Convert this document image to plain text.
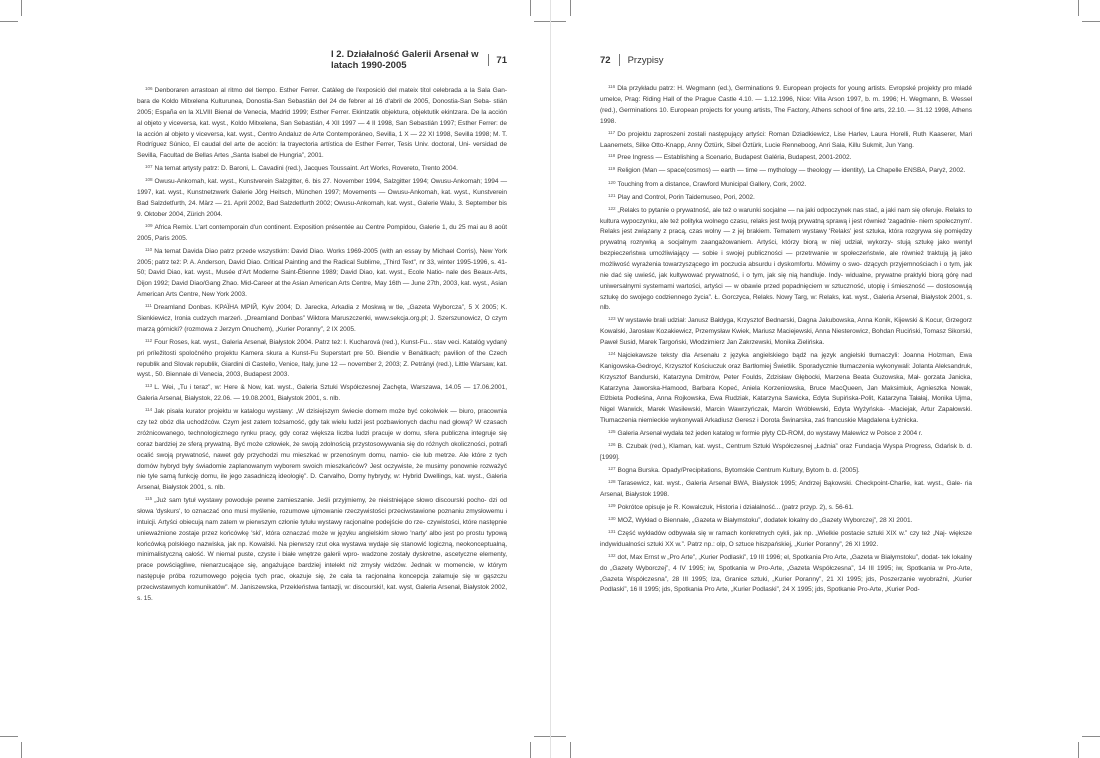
I 2. Działalność Galerii Arsenał w latach 1990-2005	71	72 Przypisy

$^{106}$ Denboraren arrastoan al ritmo del tiempo. Esther Ferrer. Catàleg de l'exposició del mateix títol celebrada a la Sala Gan- bara de Koldo Mitxelena Kulturunea, Donostia-San Sebastián del 24 de febrer al 16 d'abril de 2005, Donostia-San Seba- stián 2005; España en la XLVIII Bienal de Venecia, Madrid 1999; Esther Ferrer. Ekintzatik objektura, objektutik ekintzara. De la acción al objeto y viceversa, kat. wyst., Koldo Mitxelena, San Sebastián, 4 XII 1997 — 4 II 1998, San Sebastián 1997; Esther Ferrer: de la acción al objeto y viceversa, kat. wyst., Centro Andaluz de Arte Contemporáneo, Sevilla, 1 X — 22 XI 1998, Sevilla 1998; M. T. Rodríguez Súnico, El caudal del arte de acción: la trayectoria artística de Esther Ferrer, Tesis Univ. doctoral, Uni- versidad de Sevilla, Facultad de Bellas Artes „Santa Isabel de Hungria”, 2001.

$^{107}$ Na temat artysty patrz: D. Baroni, L. Cavadini (red.), Jacques Toussaint. Art Works, Rovereto, Trento 2004.

$^{108}$ Owusu-Ankomah, kat. wyst., Kunstverein Salzgitter, 6. bis 27. November 1994, Salzgitter 1994; Owusu-Ankomah; 1994 — 1997, kat. wyst., Kunstnetzwerk Galerie Jörg Heitsch, München 1997; Movements — Owusu-Ankomah, kat. wyst., Kunstverein Bad Salzdetfurth, 24. März — 21. April 2002, Bad Salzdetfurth 2002; Owusu-Ankomah, kat. wyst., Galerie Walu, 3. September bis 9. Oktober 2004, Zürich 2004.

$^{109}$ Africa Remix. L'art contemporain d'un continent. Exposition présentée au Centre Pompidou, Galerie 1, du 25 mai au 8 août 2005, Paris 2005.

$^{110}$ Na temat Davida Diao patrz przede wszystkim: David Diao. Works 1969-2005 (with an essay by Michael Corris), New York 2005; patrz też: P. A. Anderson, David Diao. Critical Painting and the Radical Sublime, „Third Text”, nr 33, winter 1995-1996, s. 41-50; David Diao, kat. wyst., Musée d'Art Moderne Saint-Étienne 1989; David Diao, kat. wyst., Ecole Natio- nale des Beaux-Arts, Dijon 1992; David Diao/Gang Zhao. Mid-Career at the Asian American Arts Centre, May 16th — June 27th, 2003, kat. wyst., Asian American Arts Centre, New York 2003.

$^{111}$ Dreamland Donbas. KPAÏHA MPIЙ, Kyiv 2004; D. Jarecka, Arkadia z Moskwą w tle, „Gazeta Wyborcza”, 5 X 2005; K. Sienkiewicz, Ironia cudzych marzeń. „Dreamland Donbas” Wiktora Maruszczenki, www.sekcja.org.pl; J. Szerszunowicz, O czym marzą górnicki? (rozmowa z Jerzym Onuchem), „Kurier Poranny”, 2 IX 2005.

$^{112}$ Four Roses, kat. wyst., Galeria Arsenał, Białystok 2004. Patrz też: I. Kucharová (red.), Kunst-Fu... stav veci. Katalóg vydaný pri príležitosti spoločného projektu Kamera skura a Kunst-Fu Superstart pre 50. Biendie v Benátkach; pavilion of the Czech republik and Slovak republik, Giardini di Castello, Venice, Italy, june 12 — november 2, 2003; Z. Petrányi (red.), Little Warsaw, kat. wyst., 50. Biennale di Venecia, 2003, Budapest 2003.

$^{113}$ L. Wei, „Tu i teraz”, w: Here & Now, kat. wyst., Galeria Sztuki Współczesnej Zachęta, Warszawa, 14.05 — 17.06.2001, Galeria Arsenał, Białystok, 22.06. — 19.08.2001, Białystok 2001, s. nlb.

$^{114}$ Jak pisała kurator projektu w katalogu wystawy: „W dzisiejszym świecie domem może być cokolwiek — biuro, pracownia czy też obóz dla uchodźców. Czym jest zatem tożsamość, gdy tak wielu ludzi jest pozbawionych dachu nad głową? W czasach zróżnicowanego, technologicznego rynku pracy, gdy coraz większa liczba ludzi pracuje w domu, sfera publiczna integruje się coraz bardziej ze sferą prywatną. Być może człowiek, że swoją zdolnością przystosowywania się do różnych okoliczności, potrafi ocalić swoją prywatność, nawet gdy przychodzi mu mieszkać w przenośnym domu, namio- cie lub metrze. Ale które z tych domów hybryd były świadomie zaplanowanym wyborem swoich mieszkańców? Jest oczywiste, że musimy ponownie rozważyć nie tyle samą funkcję domu, ile jego zasadniczą ideologię”. D. Carvalho, Domy hybrydy, w: Hybrid Dwellings, kat. wyst., Galeria Arsenał, Białystok 2001, s. nlb.

$^{115}$ „Już sam tytuł wystawy powoduje pewne zamieszanie. Jeśli przyjmiemy, że nieistniejące słowo discourski pocho- dzi od słowa 'dyskurs', to oznaczać ono musi myślenie, rozumowe ujmowanie rzeczywistości przeciwstawione poznaniu zmysłowemu i intuicji. Artyści obiecują nam zatem w pierwszym członie tytułu wystawy racjonalne podejście do rze- czywistości, które następnie unieważnione zostaje przez końcówkę 'ski', która oznaczać może w języku angielskim słowo 'narty' albo jest po prostu typową końcówką polskiego nazwiska, jak np. Kowalski. Na pierwszy rzut oka wystawa wydaje się stanowić logiczną, neokonceptualną, minimalistyczną całość. W niemal puste, czyste i białe wnętrze galerii wpro- wadzone zostały dyskretne, ascetyczne elementy, prace powściągliwe, nienarzucające się, angażujące bardziej intelekt niż zmysły widzów. Jednak w momencie, w którym następuje próba rozumowego pojęcia tych prac, okazuje się, że cała ta racjonalna koncepcja załamuje się w gąszczu przeciwstawnych komunikatów”. M. Janiszewska, Przekleństwa fantazji, w: discourski!, kat. wyst, Galeria Arsenał, Białystok 2002, s. 15.

$^{116}$ Dla przykładu patrz: H. Wegmann (ed.), Germinations 9. European projects for young artists. Evropské projekty pro mladé umelce, Prag: Riding Hall of the Prague Castle 4.10. — 1.12.1996, Nice: Villa Arson 1997, b. m. 1996; H. Wegmann, B. Wessel (red.), Germinations 10. European projects for young artists, The Factory, Athens school of fine arts, 22.10. — 31.12 1998, Athens 1998.

$^{117}$ Do projektu zaproszeni zostali następujący artyści: Roman Dziadkiewicz, Lise Harlev, Laura Horelli, Ruth Kaaserer, Mari Laanemets, Silke Otto-Knapp, Anny Öztürk, Sibel Öztürk, Lucie Renneboog, Anri Sala, Killu Sukmit, Jun Yang.

$^{118}$ Pree Ingress — Establishing a Scenario, Budapest Galéria, Budapest, 2001-2002.

$^{119}$ Religion (Man — space(cosmos) — earth — time — mythology — theology — identity), La Chapelle ENSBA, Paryż, 2002.

$^{120}$ Touching from a distance, Crawford Municipal Gallery, Cork, 2002.

$^{121}$ Play and Control, Porin Taidemuseo, Pori, 2002.

$^{122}$ „Relaks to pytanie o prywatność, ale też o warunki socjalne — na jaki odpoczynek nas stać, a jaki nam się oferuje. Relaks to kultura wypoczynku, ale też polityka wolnego czasu, relaks jest twoją prywatną sprawą i jest również 'zagadnie- niem społecznym'. Relaks jest związany z pracą, czas wolny — z jej brakiem. Tematem wystawy 'Relaks' jest sztuka, która rozgrywa się pomiędzy prywatną rozrywką a socjalnym zaangażowaniem. Artyści, którzy biorą w niej udział, wykorzy- stują sztukę jako wentyl bezpieczeństwa umożliwiający — sobie i swojej publiczności — przetrwanie w społeczeństwie, ale również traktują ją jako możliwość wyrażenia towarzyszącego im poczucia absurdu i dyskomfortu. Mówimy o swo- dzących przyjemnościach i o tym, jak nie dać się uwieść, jak kultywować prywatność, i o tym, jak się nią handluje. Indy- widualne, prywatne praktyki biorą górę nad uniwersalnymi systemami wartości, artyści — w obawie przed popadnięciem w sztuczność, utopię i śmieszność — dostosowują sztukę do swojego codziennego życia”. Ł. Gorczyca, Relaks. Nowy Targ, w: Relaks, kat. wyst., Galeria Arsenał, Białystok 2001, s. nlb.

$^{123}$ W wystawie brali udział: Janusz Bałdyga, Krzysztof Bednarski, Dagna Jakubowska, Anna Konik, Kijewski & Kocur, Grzegorz Kowalski, Jarosław Kozakiewicz, Przemysław Kwiek, Mariusz Maciejewski, Anna Niesterowicz, Bohdan Ruciński, Tomasz Sikorski, Paweł Susid, Marek Targoński, Włodzimierz Jan Zakrzewski, Monika Zielińska.

$^{124}$ Najciekawsze teksty dla Arsenału z języka angielskiego bądź na język angielski tłumaczyli: Joanna Holzman, Ewa Kanigowska-Gedroyć, Krzysztof Kościuczuk oraz Bartłomiej Świetlik. Sporadycznie tłumaczenia wykonywali: Jolanta Aleksandruk, Krzysztof Bandurski, Katarzyna Dmitrów, Peter Foulds, Zdzisław Głębocki, Marzena Beata Guzowska, Mał- gorzata Janicka, Katarzyna Jaworska-Hamood, Barbara Kopeć, Aniela Korzeniowska, Bruce MacQueen, Jan Maksimiuk, Agnieszka Nowak, Elżbieta Podleśna, Anna Rojkowska, Ewa Rudziak, Katarzyna Sawicka, Edyta Supińska-Polit, Katarzyna Tałałaj, Monika Ujma, Nigel Warwick, Marek Wasilewski, Marcin Wawrzyńczak, Marcin Wróblewski, Edyta Wyżyńska- -Maciejak, Artur Zapałowski. Tłumaczenia niemieckie wykonywali Arkadiusz Geresz i Dorota Świnarska, zaś francuskie Magdalena Łyżnicka.

$^{125}$ Galeria Arsenał wydała też jeden katalog w formie płyty CD-ROM, do wystawy Malewicz w Polsce z 2004 r.

$^{126}$ B. Czubak (red.), Klaman, kat. wyst., Centrum Sztuki Współczesnej „Łaźnia” oraz Fundacja Wyspa Progress, Gdańsk b. d. [1999].

$^{127}$ Bogna Burska. Opady/Precipitations, Bytomskie Centrum Kultury, Bytom b. d. [2005].

$^{128}$ Tarasewicz, kat. wyst., Galeria Arsenał BWA, Białystok 1995; Andrzej Bąkowski. Checkpoint-Charlie, kat. wyst., Gale- ria Arsenał, Białystok 1998.

$^{129}$ Pokrótce opisuje je R. Kowalczuk, Historia i działalność... (patrz przyp. 2), s. 56-61.

$^{130}$ MOŻ, Wykład o Biennale, „Gazeta w Białymstoku”, dodatek lokalny do „Gazety Wyborczej”, 28 XI 2001.

$^{131}$ Część wykładów odbywała się w ramach konkretnych cykli, jak np. „Wielkie postacie sztuki XIX w.” czy też „Naj- większe indywidualności sztuki XX w.”. Patrz np.: olp, O sztuce hiszpańskiej, „Kurier Poranny”, 26 XI 1992.

$^{132}$ dot, Max Ernst w „Pro Arte”, „Kurier Podlaski”, 19 III 1996; el, Spotkania Pro Arte, „Gazeta w Białymstoku”, dodat- tek lokalny do „Gazety Wyborczej”, 4 IV 1995; iw, Spotkania w Pro-Arte, „Gazeta Współczesna”, 14 III 1995; iw, Spotkania w Pro-Arte, „Gazeta Współczesna”, 28 III 1995; Iza, Granice sztuki, „Kurier Poranny”, 21 XI 1995; jds, Poszerzanie wyobraźni, „Kurier Podlaski”, 16 II 1995; jds, Spotkania Pro Arte, „Kurier Podlaski”, 24 X 1995; jds, Spotkanie Pro-Arte, „Kurier Pod-
